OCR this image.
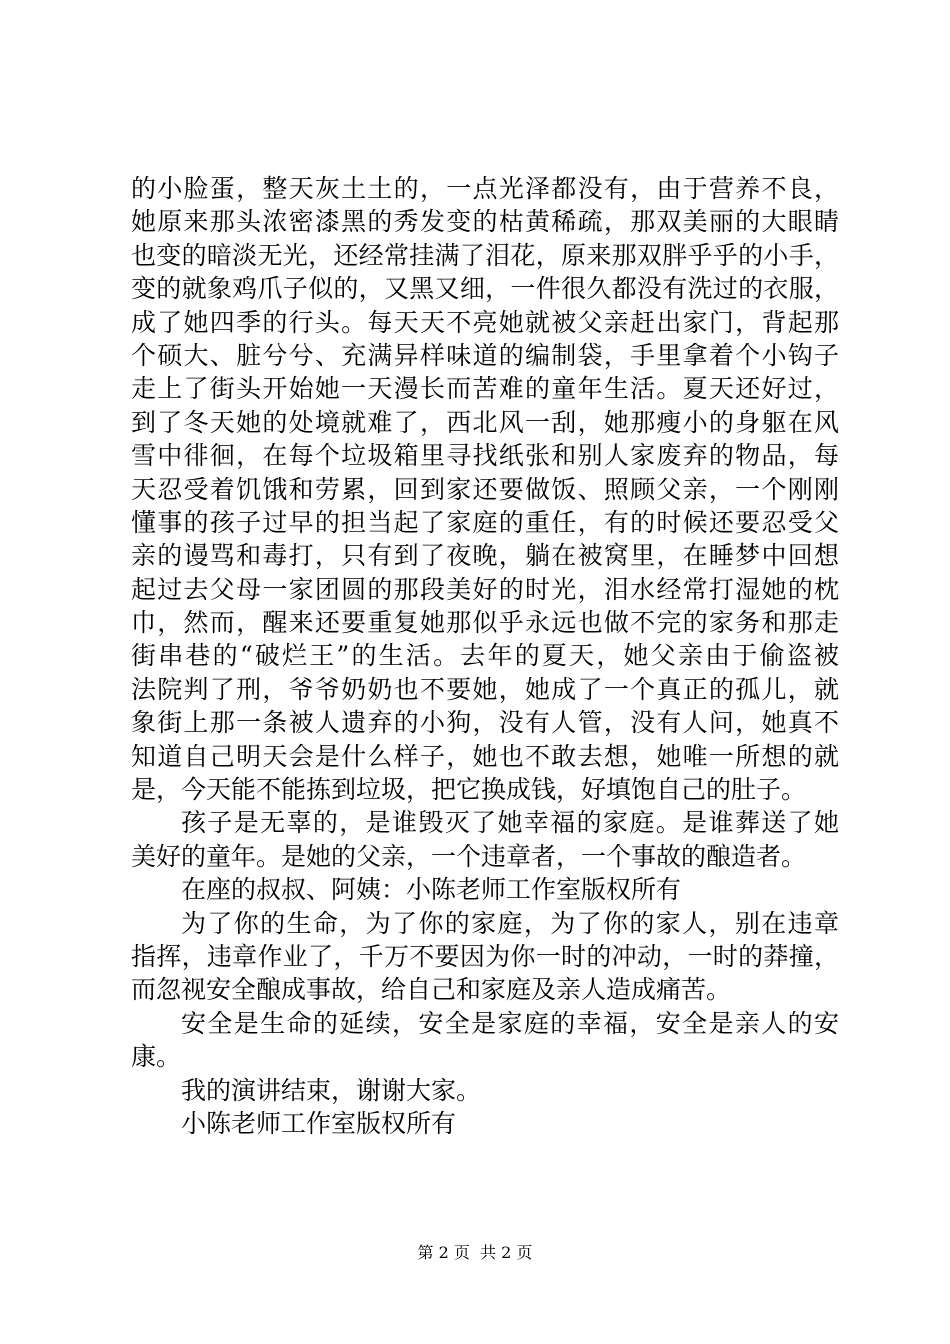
的小脸蛋，整天灰土土的，一点光泽都没有，由于营养不良，
她原来那头浓密漆黑的秀发变的枯黄稀疏，那双美丽的大眼睛
也变的暗淡无光，还经常挂满了泪花，原来那双胖乎乎的小手，
变的就象鸡爪子似的，又黑又细，一件很久都没有洗过的衣服，
成了她四季的行头。每天天不亮她就被父亲赶出家门，背起那
个硕大、脏兮兮、充满异样味道的编制袋，手里拿着个小钩子
走上了街头开始她一天漫长而苦难的童年生活。夏天还好过，
到了冬天她的处境就难了，西北风一刮，她那瘦小的身躯在风
雪中徘徊，在每个垃圾箱里寻找纸张和别人家废弃的物品，每
天忍受着饥饿和劳累，回到家还要做饭、照顾父亲，一个刚刚
懂事的孩子过早的担当起了家庭的重任，有的时候还要忍受父
亲的谩骂和毒打，只有到了夜晚，躺在被窝里，在睡梦中回想
起过去父母一家团圆的那段美好的时光，泪水经常打湿她的枕
巾，然而，醒来还要重复她那似乎永远也做不完的家务和那走
街串巷的“破烂王”的生活。去年的夏天，她父亲由于偷盗被
法院判了刑，爷爷奶奶也不要她，她成了一个真正的孤儿，就
象街上那一条被人遗弃的小狗，没有人管，没有人问，她真不
知道自己明天会是什么样子，她也不敢去想，她唯一所想的就
是，今天能不能拣到垃圾，把它换成钱，好填饱自己的肚子。
孩子是无辜的，是谁毁灭了她幸福的家庭。是谁葬送了她
美好的童年。是她的父亲，一个违章者，一个事故的酿造者。
在座的叔叔、阿姨：小陈老师工作室版权所有
为了你的生命，为了你的家庭，为了你的家人，别在违章
指挥，违章作业了，千万不要因为你一时的冲动，一时的莽撞，
而忽视安全酿成事故，给自己和家庭及亲人造成痛苦。
安全是生命的延续，安全是家庭的幸福，安全是亲人的安
康。
我的演讲结束，谢谢大家。
小陈老师工作室版权所有
第 2 页  共 2 页
